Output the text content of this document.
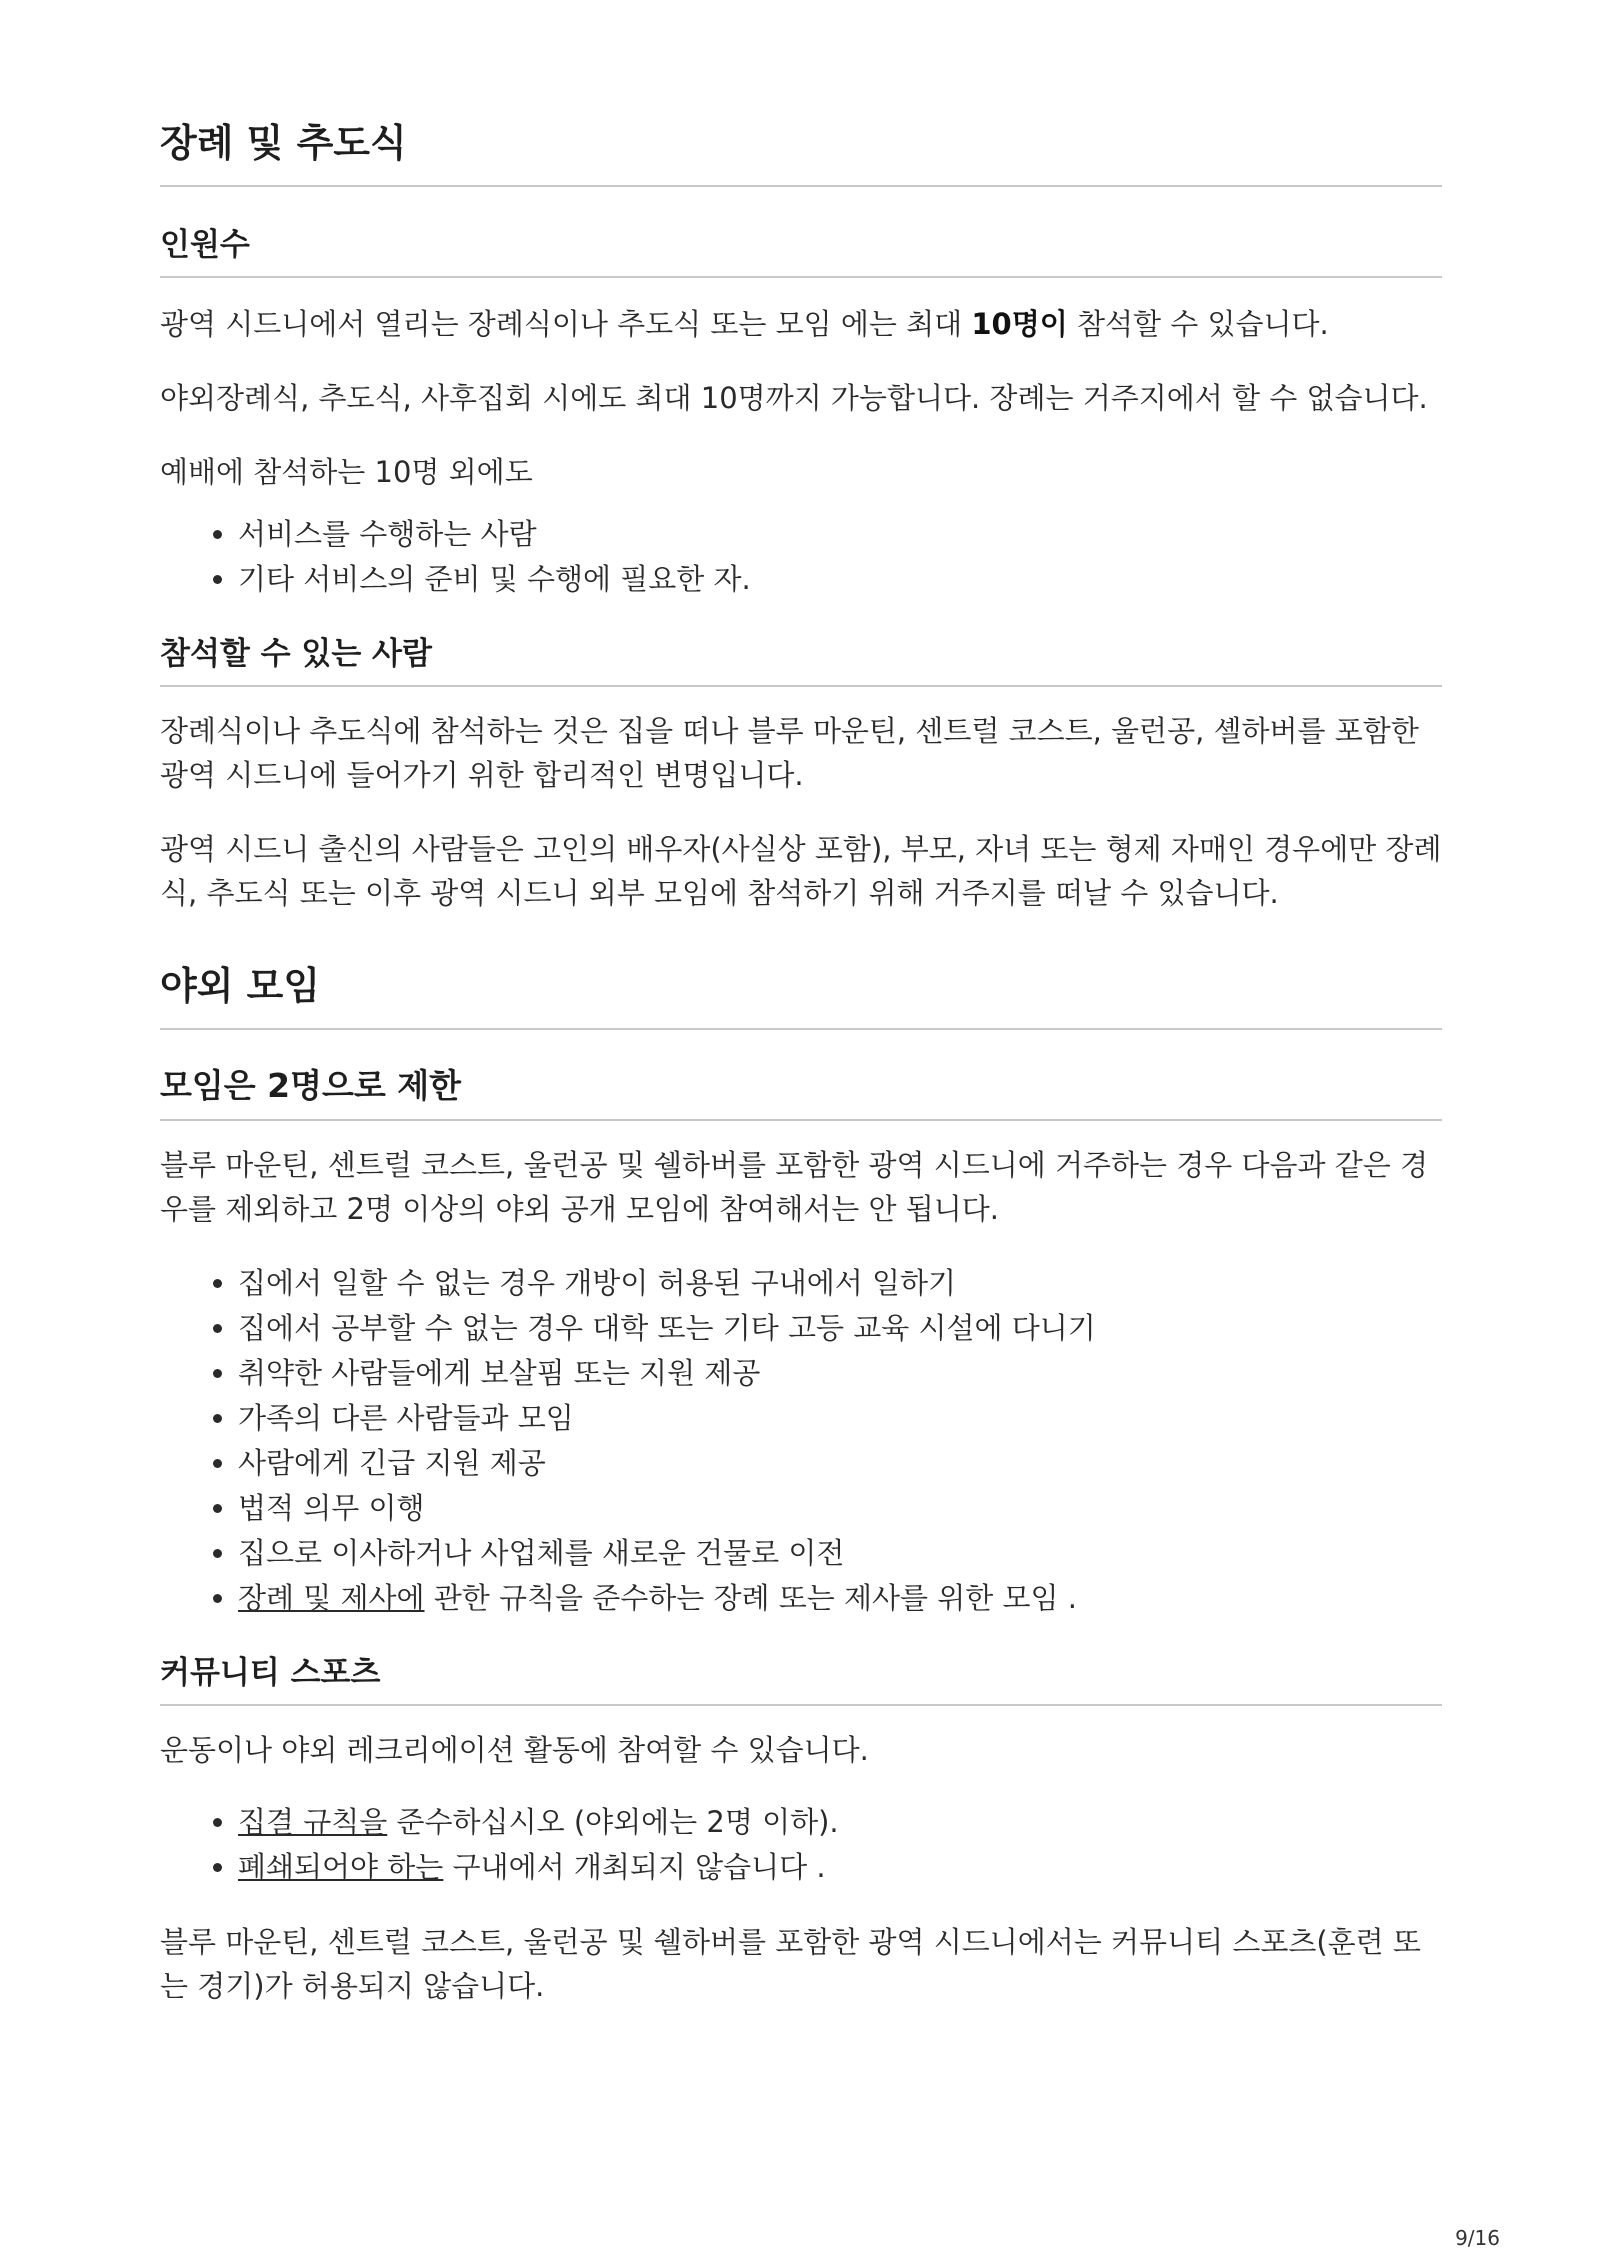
장례 및 추도식
인원수

광역 시드니에서 열리는 장례식이나 추도식 또는 모임 에는 최대 10명이 참석할 수 있습니다.

야외장례식, 추도식, 사후집회 시에도 최대 10명까지 가능합니다. 장례는 거주지에서 할 수 없습니다.

예배에 참석하는 10명 외에도

• 서비스를 수행하는 사람
• 기타 서비스의 준비 및 수행에 필요한 자.
참석할 수 있는 사람

장례식이나 추도식에 참석하는 것은 집을 떠나 블루 마운틴, 센트럴 코스트, 울런공, 셸하버를 포함한 광역 시드니에 들어가기 위한 합리적인 변명입니다.

광역 시드니 출신의 사람들은 고인의 배우자(사실상 포함), 부모, 자녀 또는 형제 자매인 경우에만 장례식, 추도식 또는 이후 광역 시드니 외부 모임에 참석하기 위해 거주지를 떠날 수 있습니다.

야외 모임
모임은 2명으로 제한

블루 마운틴, 센트럴 코스트, 울런공 및 쉘하버를 포함한 광역 시드니에 거주하는 경우 다음과 같은 경우를 제외하고 2명 이상의 야외 공개 모임에 참여해서는 안 됩니다.

• 집에서 일할 수 없는 경우 개방이 허용된 구내에서 일하기
• 집에서 공부할 수 없는 경우 대학 또는 기타 고등 교육 시설에 다니기
• 취약한 사람들에게 보살핌 또는 지원 제공
• 가족의 다른 사람들과 모임
• 사람에게 긴급 지원 제공
• 법적 의무 이행
• 집으로 이사하거나 사업체를 새로운 건물로 이전
• 장례 및 제사에 관한 규칙을 준수하는 장례 또는 제사를 위한 모임 .
커뮤니티 스포츠

운동이나 야외 레크리에이션 활동에 참여할 수 있습니다.

• 집결 규칙을 준수하십시오 (야외에는 2명 이하).
• 폐쇄되어야 하는 구내에서 개최되지 않습니다 .

블루 마운틴, 센트럴 코스트, 울런공 및 쉘하버를 포함한 광역 시드니에서는 커뮤니티 스포츠(훈련 또는 경기)가 허용되지 않습니다.

9/16
